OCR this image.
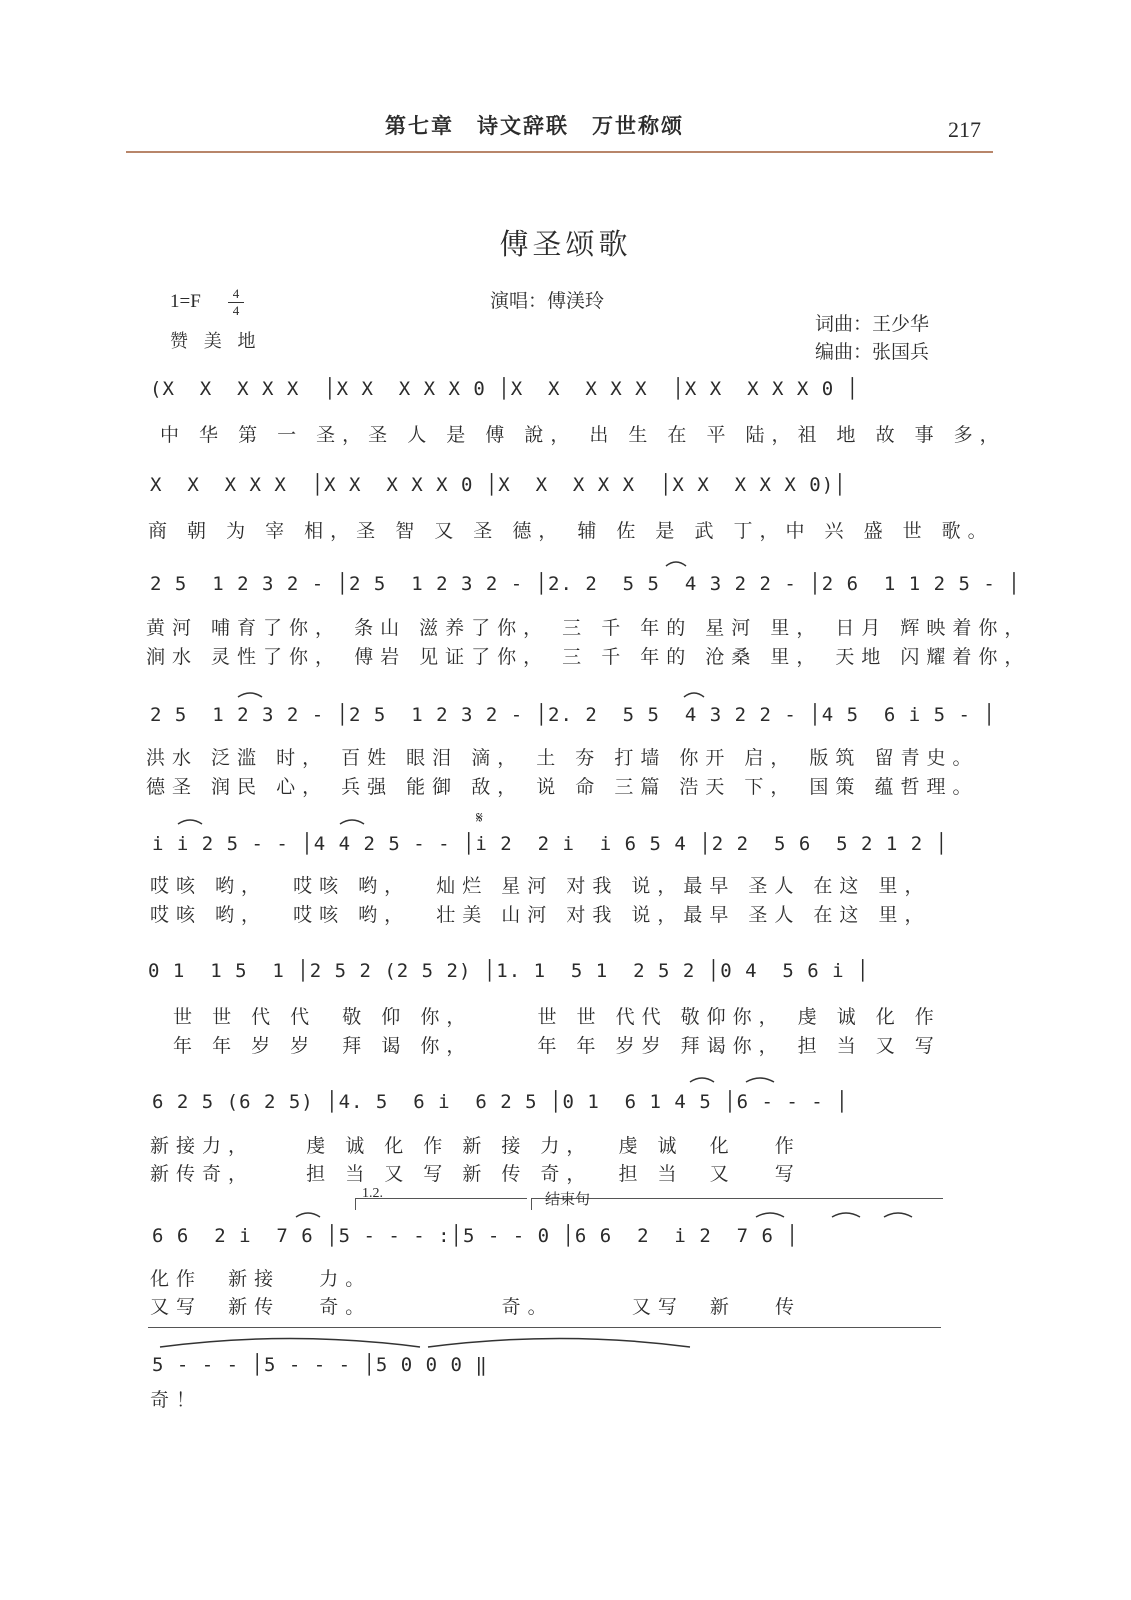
第七章　诗文辞联　万世称颂	217
傅圣颂歌
演唱：傅渼玲
1=F	4
4
赞 美 地
词曲：王少华
编曲：张国兵
(X  X  X X X  │X X  X X X 0 │X  X  X X X  │X X  X X X 0 │
中 华 第 一 圣，圣 人 是 傅 說， 出 生 在 平 陆，祖 地 故 事 多，
X  X  X X X  │X X  X X X 0 │X  X  X X X  │X X  X X X 0)│
商 朝 为 宰 相，圣 智 又 圣 德， 辅 佐 是 武 丁，中 兴 盛 世 歌。
2 5  1 2 3 2 - │2 5  1 2 3 2 - │2. 2  5 5  4 3 2 2 - │2 6  1 1 2 5 - │
黄河 哺育了你， 条山 滋养了你， 三 千 年的 星河 里， 日月 辉映着你，
涧水 灵性了你， 傅岩 见证了你， 三 千 年的 沧桑 里， 天地 闪耀着你，
2 5  1 2 3 2 - │2 5  1 2 3 2 - │2. 2  5 5  4 3 2 2 - │4 5  6 i 5 - │
洪水 泛滥 时， 百姓 眼泪 滴， 土 夯 打墙 你开 启， 版筑 留青史。
德圣 润民 心， 兵强 能御 敌， 说 命 三篇 浩天 下， 国策 蕴哲理。
𝄋
i i 2 5 - - │4 4 2 5 - - │i 2  2 i  i 6 5 4 │2 2  5 6  5 2 1 2 │
哎咳 哟，  哎咳 哟，  灿烂 星河 对我 说，最早 圣人 在这 里，
哎咳 哟，  哎咳 哟，  壮美 山河 对我 说，最早 圣人 在这 里，
0 1  1 5  1 │2 5 2 (2 5 2) │1. 1  5 1  2 5 2 │0 4  5 6 i │
世 世 代 代  敬 仰 你，     世 世 代代 敬仰你， 虔 诚 化 作
年 年 岁 岁  拜 谒 你，     年 年 岁岁 拜谒你， 担 当 又 写
6 2 5 (6 2 5) │4. 5  6 i  6 2 5 │0 1  6 1 4 5 │6 - - - │
新接力，    虔 诚 化 作 新 接 力，  虔 诚  化   作
新传奇，    担 当 又 写 新 传 奇，  担 当  又   写
1.2.	结束句
6 6  2 i  7 6 │5 - - - :│5 - - 0 │6 6  2  i 2  7 6 │
化作  新接   力。
又写  新传   奇。          奇。      又写  新   传
5 - - - │5 - - - │5 0 0 0 ‖
奇！
